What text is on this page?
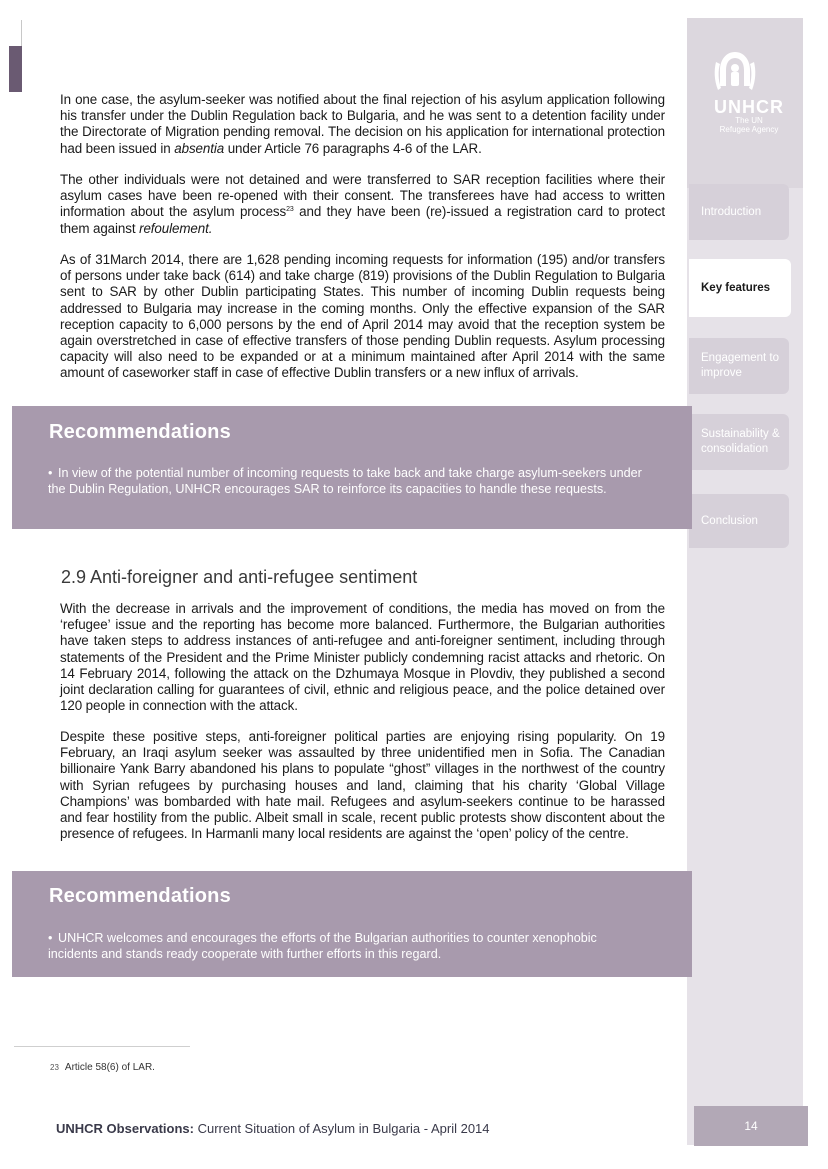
UNHCR
The UN
Refugee Agency
Introduction
Key features
Engagement to improve
Sustainability & consolidation
Conclusion

In one case, the asylum-seeker was notified about the final rejection of his asylum application following his transfer under the Dublin Regulation back to Bulgaria, and he was sent to a detention facility under the Directorate of Migration pending removal. The decision on his application for international protection had been issued in absentia under Article 76 paragraphs 4-6 of the LAR.

The other individuals were not detained and were transferred to SAR reception facilities where their asylum cases have been re-opened with their consent. The transferees have had access to written information about the asylum process$^{23}$ and they have been (re)-issued a registration card to protect them against refoulement.

As of 31March 2014, there are 1,628 pending incoming requests for information (195) and/or transfers of persons under take back (614) and take charge (819) provisions of the Dublin Regulation to Bulgaria sent to SAR by other Dublin participating States. This number of incoming Dublin requests being addressed to Bulgaria may increase in the coming months. Only the effective expansion of the SAR reception capacity to 6,000 persons by the end of April 2014 may avoid that the reception system be again overstretched in case of effective transfers of those pending Dublin requests. Asylum processing capacity will also need to be expanded or at a minimum maintained after April 2014 with the same amount of caseworker staff in case of effective Dublin transfers or a new influx of arrivals.

Recommendations
• In view of the potential number of incoming requests to take back and take charge asylum-seekers under the Dublin Regulation, UNHCR encourages SAR to reinforce its capacities to handle these requests.
2.9 Anti-foreigner and anti-refugee sentiment

With the decrease in arrivals and the improvement of conditions, the media has moved on from the ‘refugee’ issue and the reporting has become more balanced. Furthermore, the Bulgarian authorities have taken steps to address instances of anti-refugee and anti-foreigner sentiment, including through statements of the President and the Prime Minister publicly condemning racist attacks and rhetoric. On 14 February 2014, following the attack on the Dzhumaya Mosque in Plovdiv, they published a second joint declaration calling for guarantees of civil, ethnic and religious peace, and the police detained over 120 people in connection with the attack.

Despite these positive steps, anti-foreigner political parties are enjoying rising popularity. On 19 February, an Iraqi asylum seeker was assaulted by three unidentified men in Sofia. The Canadian billionaire Yank Barry abandoned his plans to populate “ghost” villages in the northwest of the country with Syrian refugees by purchasing houses and land, claiming that his charity ‘Global Village Champions’ was bombarded with hate mail. Refugees and asylum-seekers continue to be harassed and fear hostility from the public. Albeit small in scale, recent public protests show discontent about the presence of refugees. In Harmanli many local residents are against the ‘open’ policy of the centre.

Recommendations
• UNHCR welcomes and encourages the efforts of the Bulgarian authorities to counter xenophobic incidents and stands ready cooperate with further efforts in this regard.
23 Article 58(6) of LAR.
UNHCR Observations: Current Situation of Asylum in Bulgaria - April 2014	14
